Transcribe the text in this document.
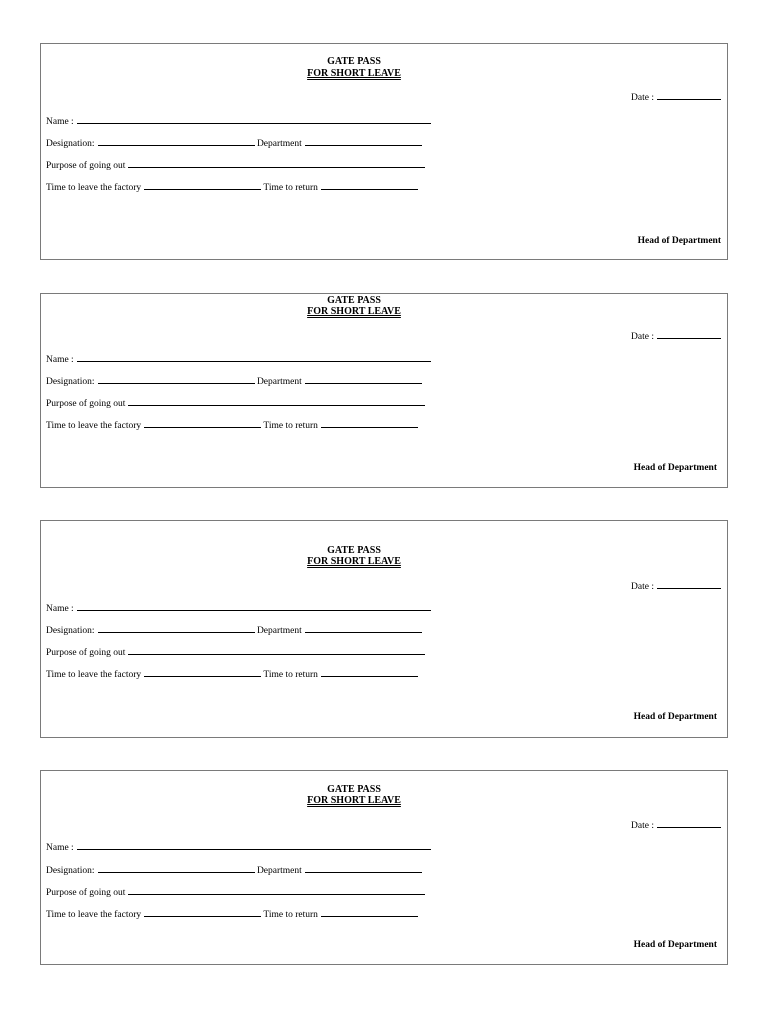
GATE PASS
FOR SHORT LEAVE
Date :
Name :
Designation:	Department
Purpose of going out
Time to leave the factory	Time to return
Head of Department
GATE PASS
FOR SHORT LEAVE
Date :
Name :
Designation:	Department
Purpose of going out
Time to leave the factory	Time to return
Head of Department
GATE PASS
FOR SHORT LEAVE
Date :
Name :
Designation:	Department
Purpose of going out
Time to leave the factory	Time to return
Head of Department
GATE PASS
FOR SHORT LEAVE
Date :
Name :
Designation:	Department
Purpose of going out
Time to leave the factory	Time to return
Head of Department
